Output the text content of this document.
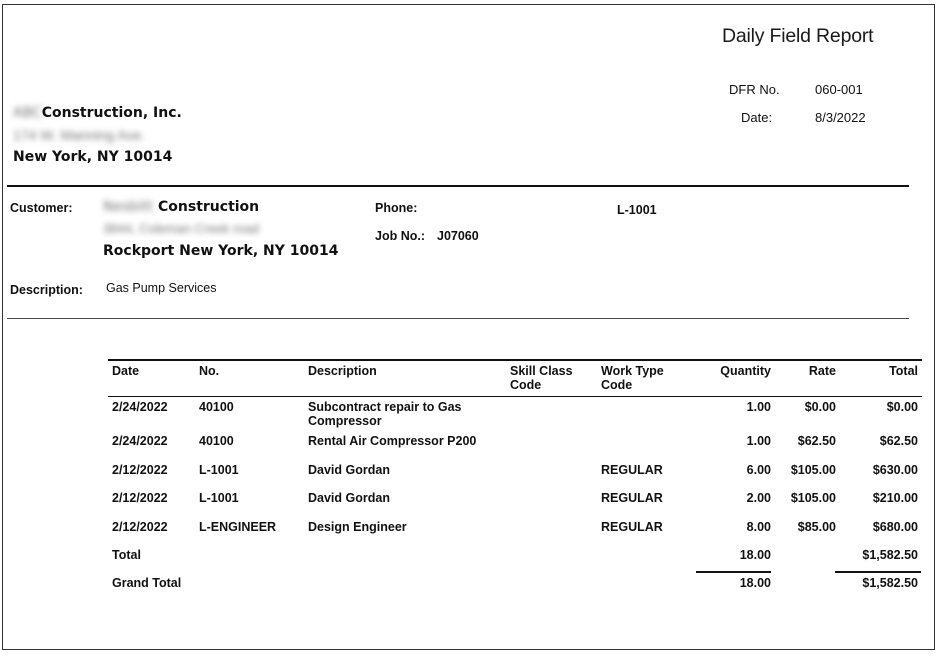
Daily Field Report
DFR No.	060-001
Date:	8/3/2022
ABCConstruction, Inc.
174 W. Manning Ave.
New York, NY 10014
Customer: Nesbitt Construction
3844, Coleman Creek road
Rockport New York, NY 10014
Phone:	L-1001
Job No.: J07060
Description: Gas Pump Services
Date	No.	Description	Skill Class Code	Work Type Code	Quantity	Rate	Total
2/24/2022	40100	Subcontract repair to Gas Compressor			1.00	$0.00	$0.00
2/24/2022	40100	Rental Air Compressor P200			1.00	$62.50	$62.50
2/12/2022	L-1001	David Gordan		REGULAR	6.00	$105.00	$630.00
2/12/2022	L-1001	David Gordan		REGULAR	2.00	$105.00	$210.00
2/12/2022	L-ENGINEER	Design Engineer		REGULAR	8.00	$85.00	$680.00
Total					18.00		$1,582.50
Grand Total					18.00		$1,582.50
